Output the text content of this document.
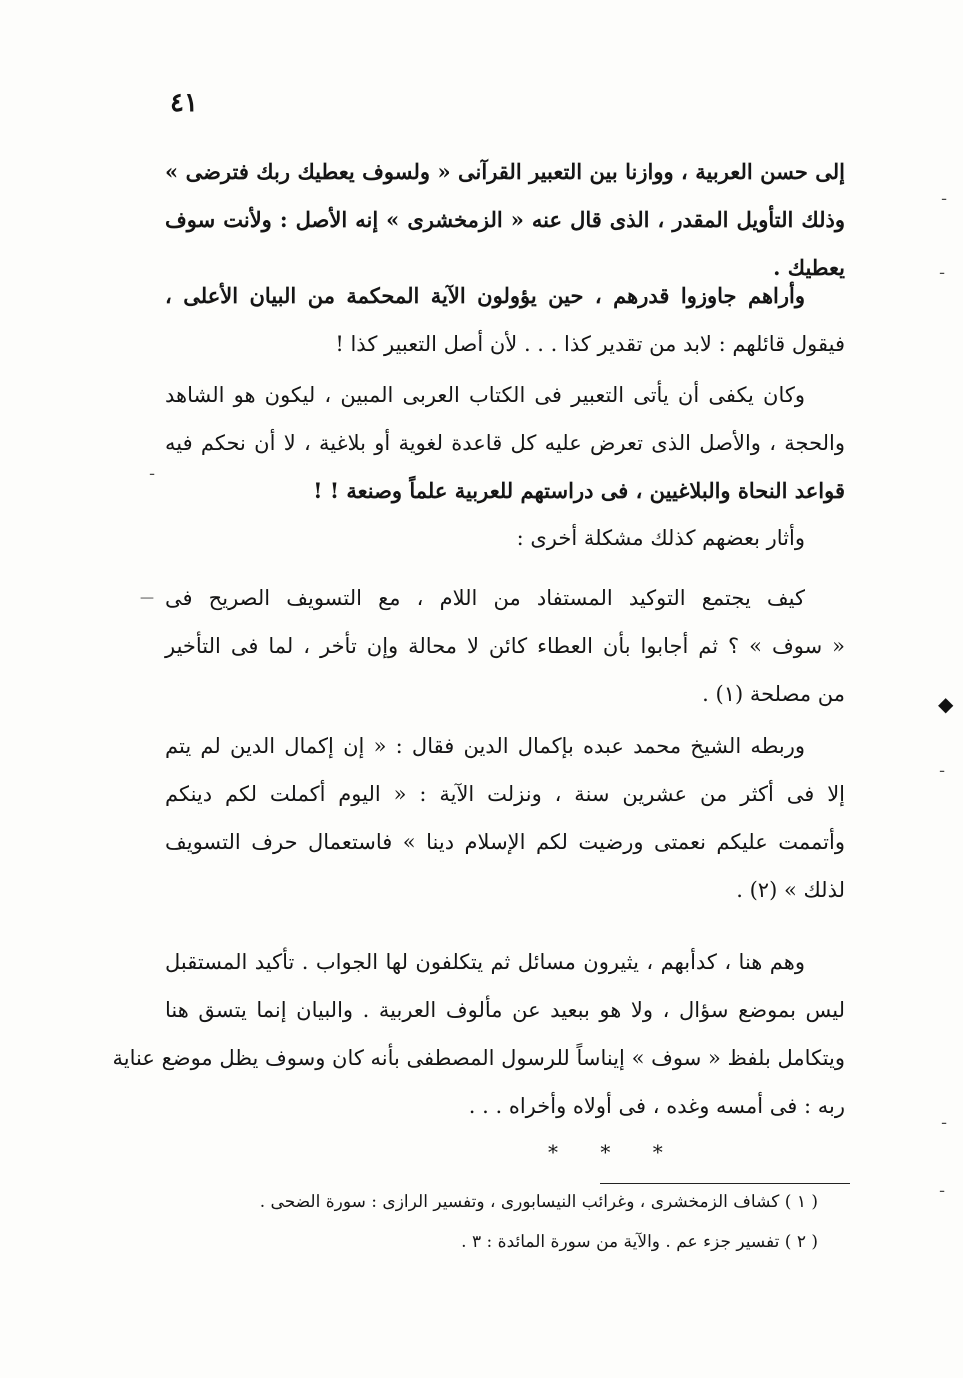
٤١
إلى حسن العربية ، ووازنا بين التعبير القرآنى « ولسوف يعطيك ربك فترضى »
وذلك التأويل المقدر ، الذى قال عنه « الزمخشرى » إنه الأصل : ولأنت سوف
يعطيك .
وأراهم جاوزوا قدرهم ، حين يؤولون الآية المحكمة من البيان الأعلى ،
فيقول قائلهم : لابد من تقدير كذا . . . لأن أصل التعبير كذا !
وكان يكفى أن يأتى التعبير فى الكتاب العربى المبين ، ليكون هو الشاهد
والحجة ، والأصل الذى تعرض عليه كل قاعدة لغوية أو بلاغية ، لا أن نحكم فيه
قواعد النحاة والبلاغيين ، فى دراستهم للعربية علماً وصنعة ! !
وأثار بعضهم كذلك مشكلة أخرى :
كيف يجتمع التوكيد المستفاد من اللام ، مع التسويف الصريح فى
« سوف » ؟ ثم أجابوا بأن العطاء كائن لا محالة وإن تأخر ، لما فى التأخير
من مصلحة (١) .
وربطه الشيخ محمد عبده بإكمال الدين فقال : « إن إكمال الدين لم يتم
إلا فى أكثر من عشرين سنة ، ونزلت الآية : « اليوم أكملت لكم دينكم
وأتممت عليكم نعمتى ورضيت لكم الإسلام دينا » فاستعمال حرف التسويف
لذلك » (٢) .
وهم هنا ، كدأبهم ، يثيرون مسائل ثم يتكلفون لها الجواب . تأكيد المستقبل
ليس بموضع سؤال ، ولا هو ببعيد عن مألوف العربية . والبيان إنما يتسق هنا
ويتكامل بلفظ « سوف » إيناساً للرسول المصطفى بأنه كان وسوف يظل موضع عناية
ربه : فى أمسه وغده ، فى أولاه وأخراه . . .
* * *
( ١ ) كشاف الزمخشرى ، وغرائب النيسابورى ، وتفسير الرازى : سورة الضحى .
( ٢ ) تفسير جزء عم . والآية من سورة المائدة : ٣ .
ـ
ـ
ـ
—
◆
ـ
ـ
ـ
